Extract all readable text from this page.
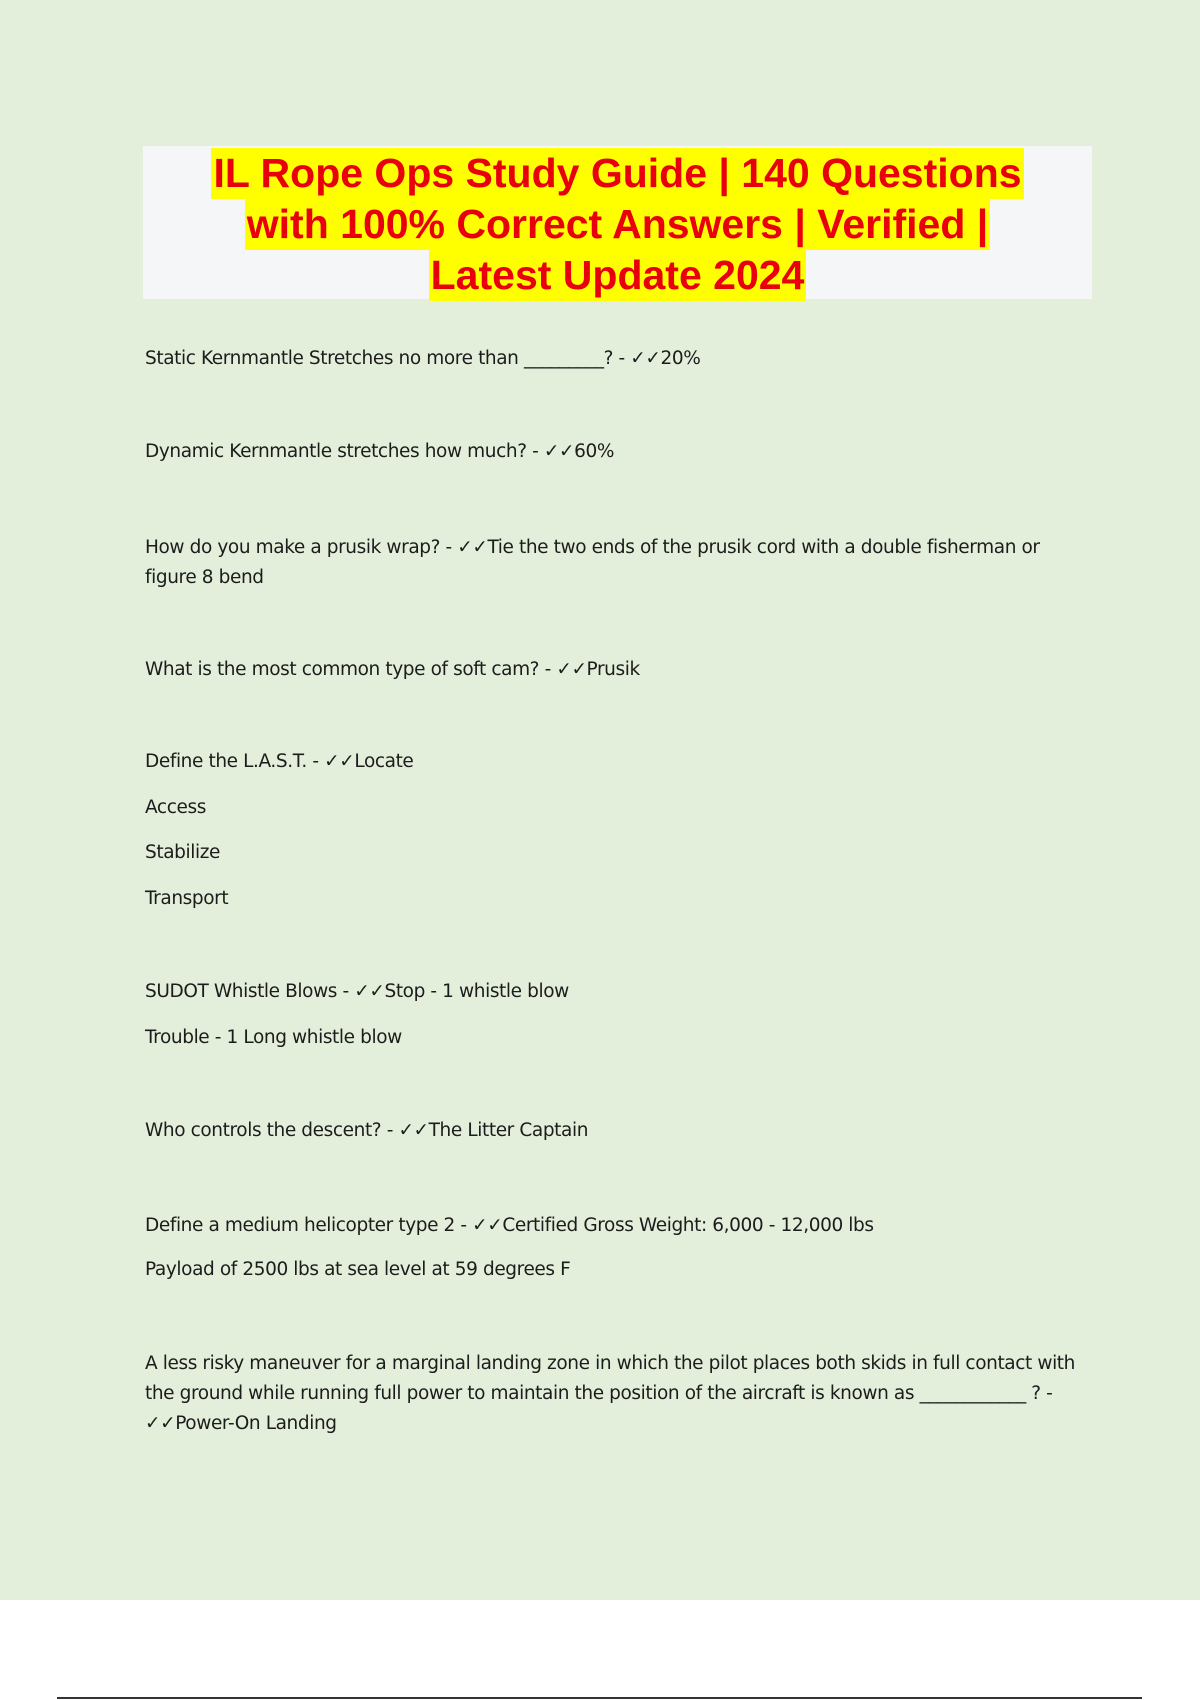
IL Rope Ops Study Guide | 140 Questions
with 100% Correct Answers | Verified |
Latest Update 2024
Static Kernmantle Stretches no more than _________? - ✓✓20%
Dynamic Kernmantle stretches how much? - ✓✓60%
How do you make a prusik wrap? - ✓✓Tie the two ends of the prusik cord with a double fisherman or figure 8 bend
What is the most common type of soft cam? - ✓✓Prusik
Define the L.A.S.T. - ✓✓Locate
Access
Stabilize
Transport
SUDOT Whistle Blows - ✓✓Stop - 1 whistle blow
Trouble - 1 Long whistle blow
Who controls the descent? - ✓✓The Litter Captain
Define a medium helicopter type 2 - ✓✓Certified Gross Weight: 6,000 - 12,000 lbs
Payload of 2500 lbs at sea level at 59 degrees F
A less risky maneuver for a marginal landing zone in which the pilot places both skids in full contact with the ground while running full power to maintain the position of the aircraft is known as ____________ ? - ✓✓Power-On Landing
